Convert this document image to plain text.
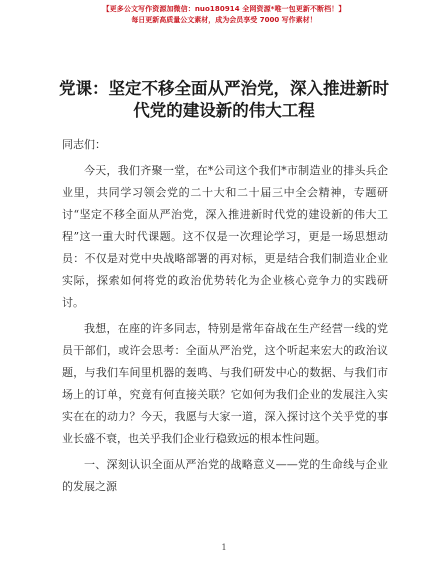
【更多公文写作资源加微信：nuo180914 全网资源*唯一包更新不断档！】
每日更新高质量公文素材，成为会员享受 7000 写作素材！
党课：坚定不移全面从严治党，深入推进新时
代党的建设新的伟大工程

同志们：

今天，我们齐聚一堂，在*公司这个我们*市制造业的排头兵企业里，共同学习领会党的二十大和二十届三中全会精神，专题研讨“坚定不移全面从严治党，深入推进新时代党的建设新的伟大工程”这一重大时代课题。这不仅是一次理论学习，更是一场思想动员：不仅是对党中央战略部署的再对标，更是结合我们制造业企业实际，探索如何将党的政治优势转化为企业核心竞争力的实践研讨。

我想，在座的许多同志，特别是常年奋战在生产经营一线的党员干部们，或许会思考：全面从严治党，这个听起来宏大的政治议题，与我们车间里机器的轰鸣、与我们研发中心的数据、与我们市场上的订单，究竟有何直接关联？它如何为我们企业的发展注入实实在在的动力？今天，我愿与大家一道，深入探讨这个关乎党的事业长盛不衰，也关乎我们企业行稳致远的根本性问题。

一、深刻认识全面从严治党的战略意义——党的生命线与企业的发展之源

1
